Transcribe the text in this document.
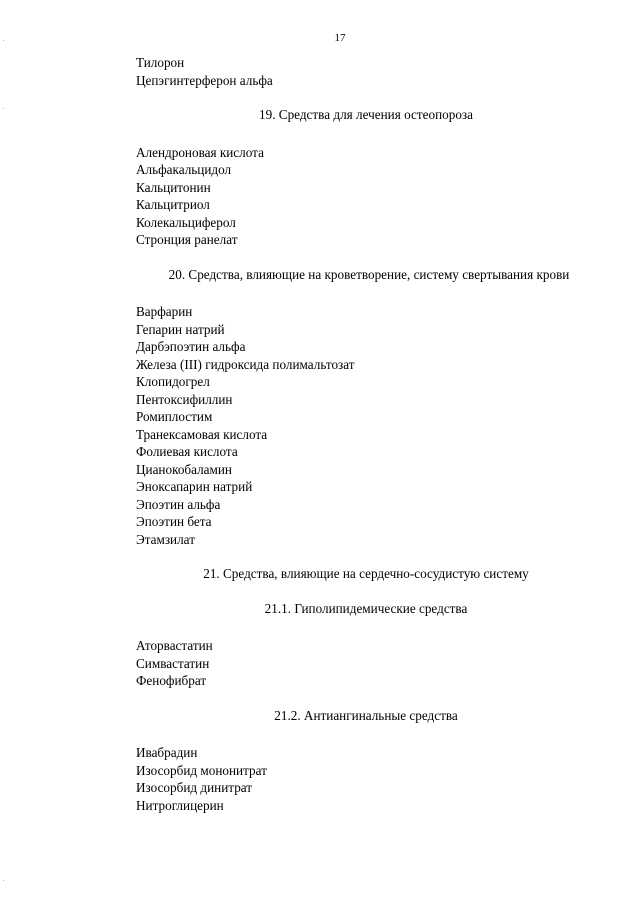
17
Тилорон
Цепэгинтерферон альфа
19. Средства для лечения остеопороза
Алендроновая кислота
Альфакальцидол
Кальцитонин
Кальцитриол
Колекальциферол
Стронция ранелат
20. Средства, влияющие на кроветворение, систему свертывания крови
Варфарин
Гепарин натрий
Дарбэпоэтин альфа
Железа (III) гидроксида полимальтозат
Клопидогрел
Пентоксифиллин
Ромиплостим
Транексамовая кислота
Фолиевая кислота
Цианокобаламин
Эноксапарин натрий
Эпоэтин альфа
Эпоэтин бета
Этамзилат
21. Средства, влияющие на сердечно-сосудистую систему
21.1. Гиполипидемические средства
Аторвастатин
Симвастатин
Фенофибрат
21.2. Антиангинальные средства
Ивабрадин
Изосорбид мононитрат
Изосорбид динитрат
Нитроглицерин
